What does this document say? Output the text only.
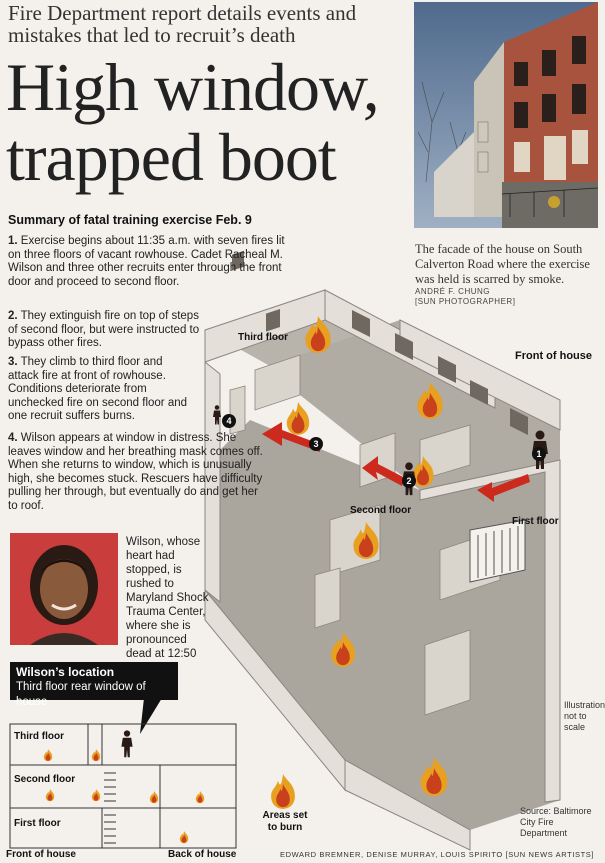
Fire Department report details events and mistakes that led to recruit’s death
High window,
trapped boot
The facade of the house on South Calverton Road where the exercise was held is scarred by smoke.
ANDRÉ F. CHUNG
[SUN PHOTOGRAPHER]
1
2
3
4
Third floor
Second floor
First floor
Front of house
Summary of fatal training exercise Feb. 9
1. Exercise begins about 11:35 a.m. with seven fires lit on three floors of vacant rowhouse. Cadet Racheal M. Wilson and three other recruits enter through the front door and proceed to second floor.
2. They extinguish fire on top of steps of second floor, but were instructed to bypass other fires.
3. They climb to third floor and attack fire at front of rowhouse. Conditions deteriorate from unchecked fire on second floor and one recruit suffers burns.
4. Wilson appears at window in distress. She leaves window and her breathing mask comes off. When she returns to window, which is unusually high, she becomes stuck. Rescuers have difficulty pulling her through, but eventually do and get her to roof.
Wilson, whose heart had stopped, is rushed to Maryland Shock Trauma Center, where she is pronounced dead at 12:50
Wilson’s location
Third floor rear window of house
Third floor
Second floor
First floor
Front of house	Back of house
Areas set to burn
Illustration not to scale
Source: Baltimore City Fire Department
EDWARD BREMNER, DENISE MURRAY, LOUIS SPIRITO [SUN NEWS ARTISTS]
